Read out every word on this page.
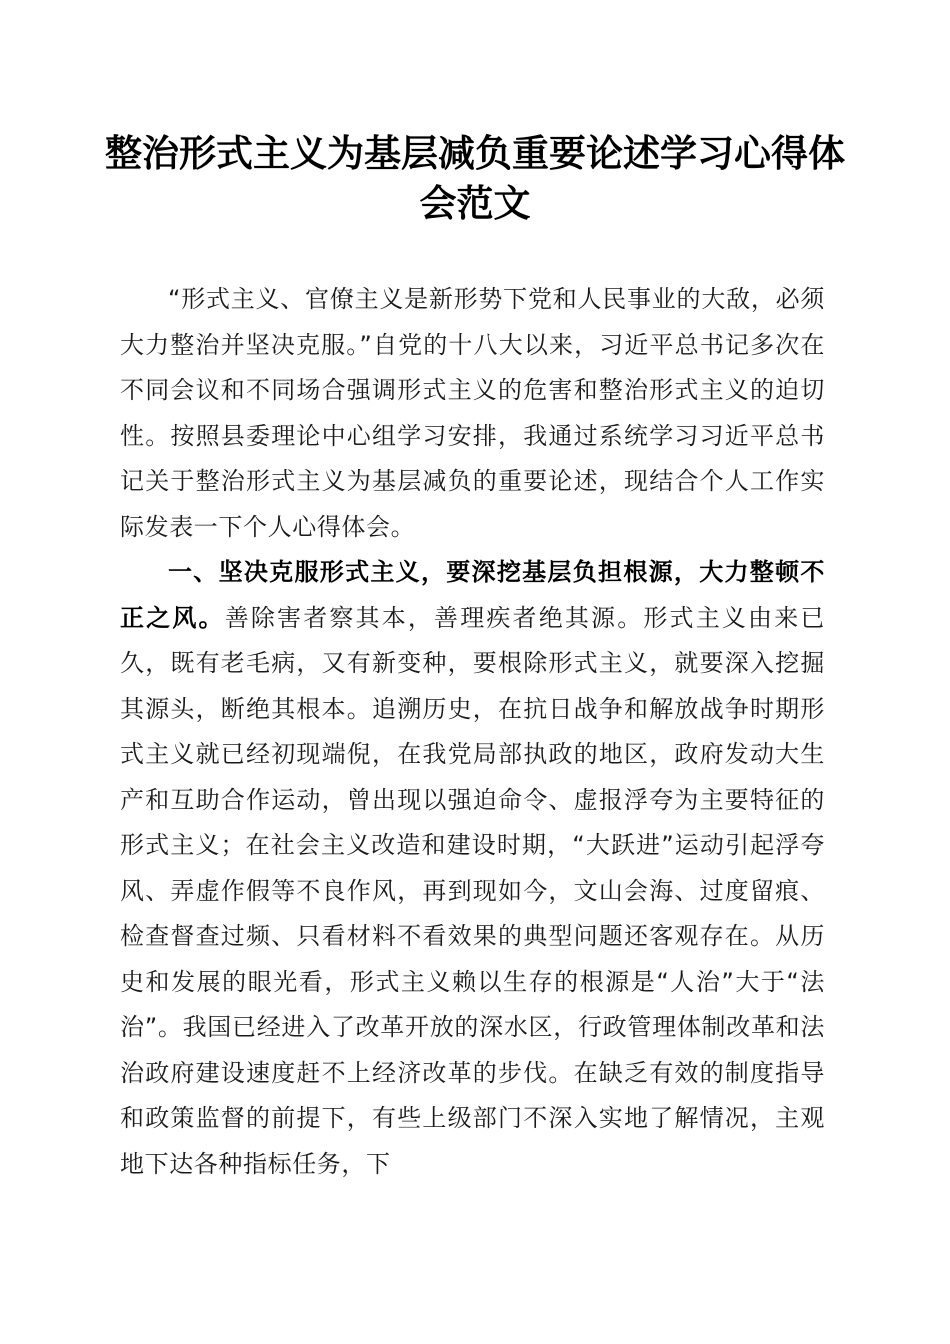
整治形式主义为基层减负重要论述学习心得体会范文

“形式主义、官僚主义是新形势下党和人民事业的大敌，必须大力整治并坚决克服。”自党的十八大以来，习近平总书记多次在不同会议和不同场合强调形式主义的危害和整治形式主义的迫切性。按照县委理论中心组学习安排，我通过系统学习习近平总书记关于整治形式主义为基层减负的重要论述，现结合个人工作实际发表一下个人心得体会。

一、坚决克服形式主义，要深挖基层负担根源，大力整顿不正之风。善除害者察其本，善理疾者绝其源。形式主义由来已久，既有老毛病，又有新变种，要根除形式主义，就要深入挖掘其源头，断绝其根本。追溯历史，在抗日战争和解放战争时期形式主义就已经初现端倪，在我党局部执政的地区，政府发动大生产和互助合作运动，曾出现以强迫命令、虚报浮夸为主要特征的形式主义；在社会主义改造和建设时期，“大跃进”运动引起浮夸风、弄虚作假等不良作风，再到现如今，文山会海、过度留痕、检查督查过频、只看材料不看效果的典型问题还客观存在。从历史和发展的眼光看，形式主义赖以生存的根源是“人治”大于“法治”。我国已经进入了改革开放的深水区，行政管理体制改革和法治政府建设速度赶不上经济改革的步伐。在缺乏有效的制度指导和政策监督的前提下，有些上级部门不深入实地了解情况，主观地下达各种指标任务，下
